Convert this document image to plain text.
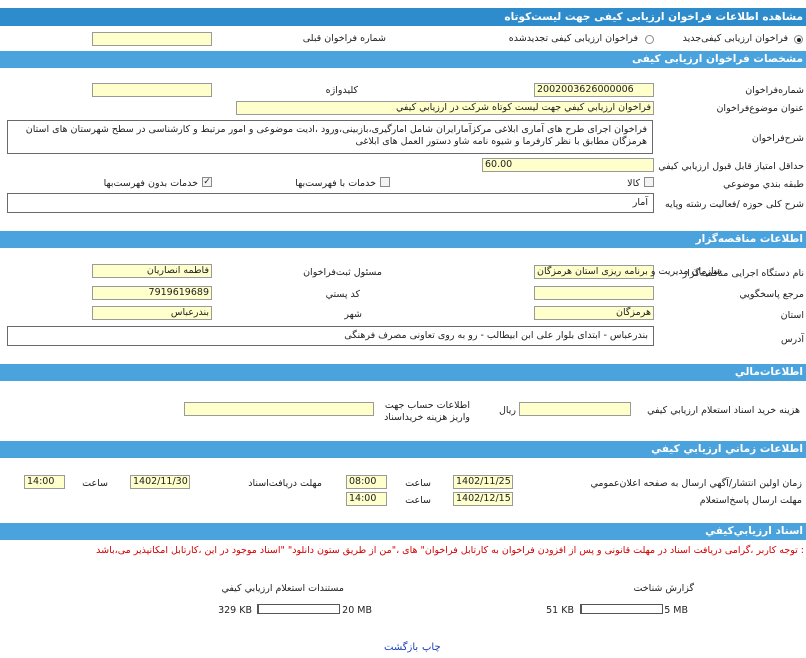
مشاهده اطلاعات فراخوان ارزيابی کيفی جهت ليست‌کوتاه
فراخوان ارزيابی کيفی‌جديد
فراخوان ارزيابی کيفی تجديدشده
شماره فراخوان قبلی
مشخصات فراخوان ارزيابی کيفی
شماره‌فراخوان
2002003626000006
کليدواژه
عنوان موضوع‌فراخوان
فراخوان ارزيابي كيفي جهت ليست كوتاه شركت در ارزيابي كيفي
شرح‌فراخوان
فراخوان اجرای طرح های آماری ابلاغی مرکزآمارایران شامل امارگیری،بازبینی،ورود ،ادیت موضوعی و امور مرتبط و کارشناسی در سطح شهرستان های استان هرمزگان مطابق با نظر کارفرما و شیوه نامه شاو دستور العمل های ابلاغی
حداقل امتياز قابل قبول ارزيابي کيفي
60.00
طبقه بندي موضوعي
کالا
خدمات با فهرست‌بها
✓
خدمات بدون فهرست‌بها
شرح کلی حوزه /فعاليت رشته وپايه
آمار
اطلاعات مناقصه‌گزار
نام دستگاه اجرايی مناقصه‌گزار
سازمان مديريت و برنامه ريزی استان هرمزگان
مسئول ثبت‌فراخوان
فاطمه انصاریان
مرجع پاسخگويي
کد پستي
7919619689
استان
هرمزگان
شهر
بندرعباس
آدرس
بندرعباس - ابتدای بلوار علی ابن ابیطالب - رو به روی تعاونی مصرف فرهنگی
اطلاعات‌مالي
هزينه خريد اسناد استعلام ارزيابي کيفي
ريال
اطلاعات حساب جهت
واريز هزينه خريداسناد
اطلاعات زماني ارزيابي کيفي
زمان اولين انتشار/آگهي ارسال به صفحه اعلان‌عمومي
1402/11/25
ساعت
08:00
مهلت دريافت‌اسناد
1402/11/30
ساعت
14:00
مهلت ارسال پاسخ‌استعلام
1402/12/15
ساعت
14:00
اسناد ارزيابي‌کيفي
توجه کاربر ،گرامی دریافت اسناد در مهلت قانونی و پس از افزودن فراخوان به کارتابل فراخوان" های ،"من از طريق ستون دانلود" "اسناد موجود در اين ،کارتابل امکانپذير می‌،باشد :
مستندات استعلام ارزيابي کيفي
329 KB	20 MB
گزارش شناخت
51 KB	5 MB
بازگشت چاپ
